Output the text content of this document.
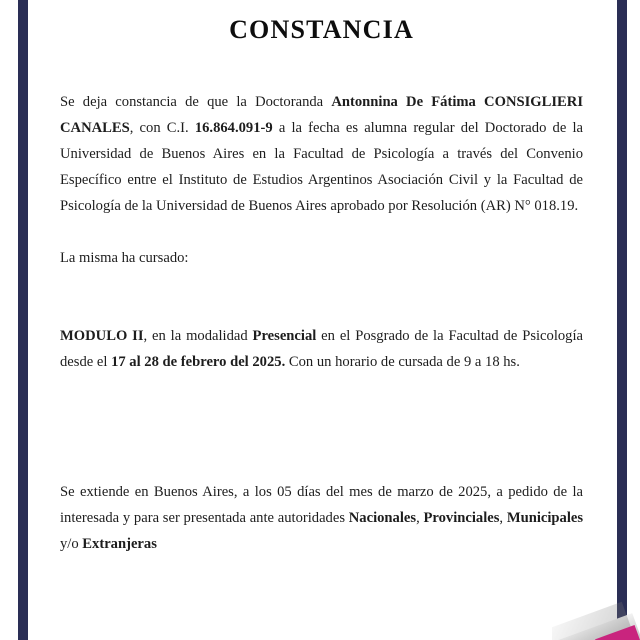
CONSTANCIA

Se deja constancia de que la Doctoranda Antonnina De Fátima CONSIGLIERI CANALES, con C.I. 16.864.091-9 a la fecha es alumna regular del Doctorado de la Universidad de Buenos Aires en la Facultad de Psicología a través del Convenio Específico entre el Instituto de Estudios Argentinos Asociación Civil y la Facultad de Psicología de la Universidad de Buenos Aires aprobado por Resolución (AR) N° 018.19.

La misma ha cursado:

MODULO II, en la modalidad Presencial en el Posgrado de la Facultad de Psicología desde el 17 al 28 de febrero del 2025. Con un horario de cursada de 9 a 18 hs.

Se extiende en Buenos Aires, a los 05 días del mes de marzo de 2025, a pedido de la interesada y para ser presentada ante autoridades Nacionales, Provinciales, Municipales y/o Extranjeras
